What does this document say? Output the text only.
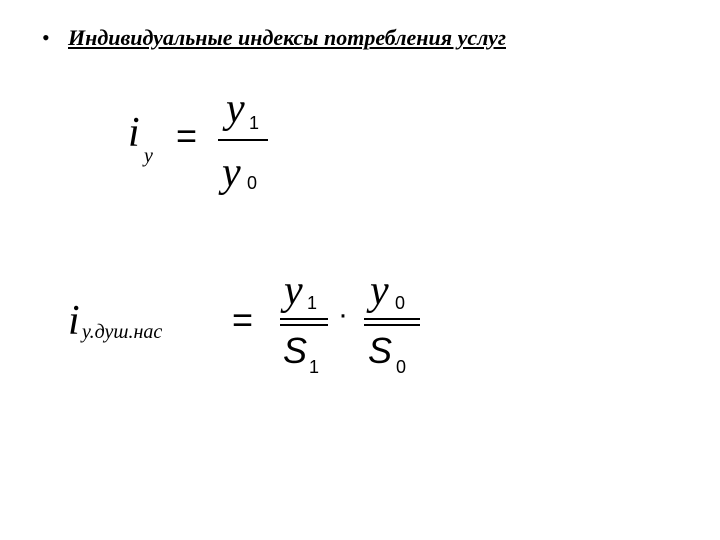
• Индивидуальные индексы потребления услуг
i у =
y 1
y 0
i у.душ.нас =
y 1
S 1
·
y 0
S 0
